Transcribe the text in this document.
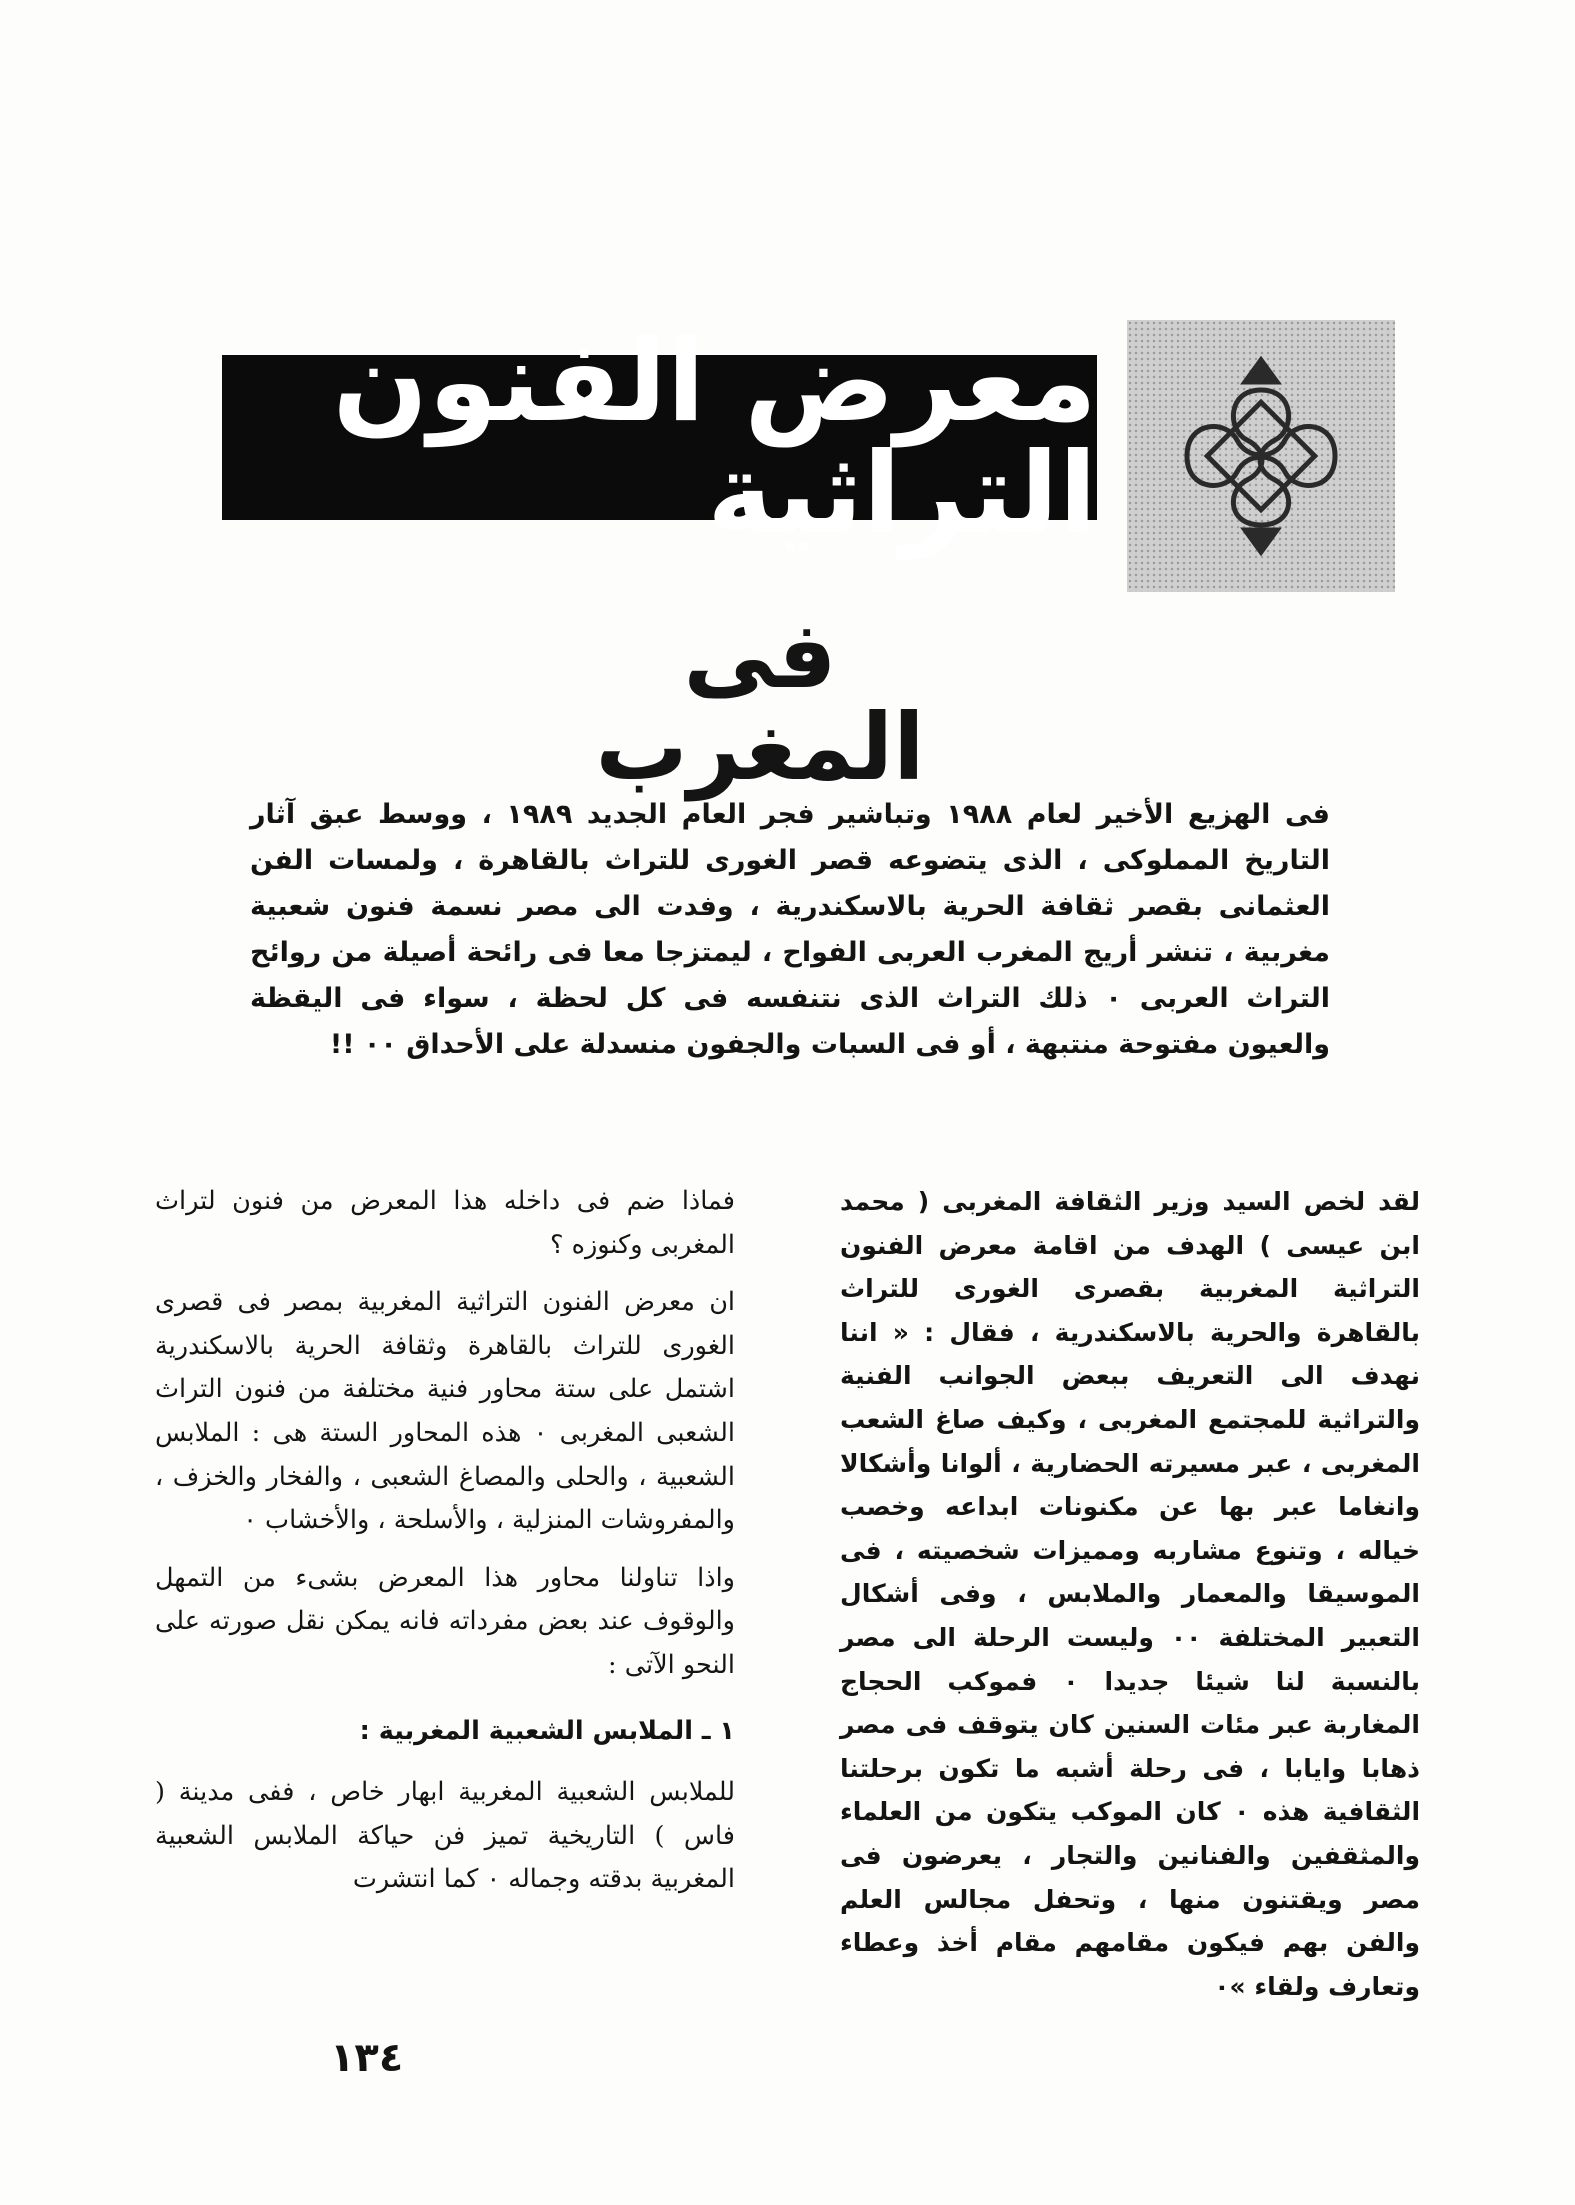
معرض الفنون التراثية
فى المغرب

فى الهزيع الأخير لعام ١٩٨٨ وتباشير فجر العام الجديد ١٩٨٩ ، ووسط عبق آثار التاريخ المملوكى ، الذى يتضوعه قصر الغورى للتراث بالقاهرة ، ولمسات الفن العثمانى بقصر ثقافة الحرية بالاسكندرية ، وفدت الى مصر نسمة فنون شعبية مغربية ، تنشر أريج المغرب العربى الفواح ، ليمتزجا معا فى رائحة أصيلة من روائح التراث العربى ٠ ذلك التراث الذى نتنفسه فى كل لحظة ، سواء فى اليقظة والعيون مفتوحة منتبهة ، أو فى السبات والجفون منسدلة على الأحداق ٠٠ !!

لقد لخص السيد وزير الثقافة المغربى ( محمد ابن عيسى ) الهدف من اقامة معرض الفنون التراثية المغربية بقصرى الغورى للتراث بالقاهرة والحرية بالاسكندرية ، فقال : « اننا نهدف الى التعريف ببعض الجوانب الفنية والتراثية للمجتمع المغربى ، وكيف صاغ الشعب المغربى ، عبر مسيرته الحضارية ، ألوانا وأشكالا وانغاما عبر بها عن مكنونات ابداعه وخصب خياله ، وتنوع مشاربه ومميزات شخصيته ، فى الموسيقا والمعمار والملابس ، وفى أشكال التعبير المختلفة ٠٠ وليست الرحلة الى مصر بالنسبة لنا شيئا جديدا ٠ فموكب الحجاج المغاربة عبر مئات السنين كان يتوقف فى مصر ذهابا وايابا ، فى رحلة أشبه ما تكون برحلتنا الثقافية هذه ٠ كان الموكب يتكون من العلماء والمثقفين والفنانين والتجار ، يعرضون فى مصر ويقتنون منها ، وتحفل مجالس العلم والفن بهم فيكون مقامهم مقام أخذ وعطاء وتعارف ولقاء »٠

فماذا ضم فى داخله هذا المعرض من فنون لتراث المغربى وكنوزه ؟

ان معرض الفنون التراثية المغربية بمصر فى قصرى الغورى للتراث بالقاهرة وثقافة الحرية بالاسكندرية اشتمل على ستة محاور فنية مختلفة من فنون التراث الشعبى المغربى ٠ هذه المحاور الستة هى : الملابس الشعبية ، والحلى والمصاغ الشعبى ، والفخار والخزف ، والمفروشات المنزلية ، والأسلحة ، والأخشاب ٠

واذا تناولنا محاور هذا المعرض بشىء من التمهل والوقوف عند بعض مفرداته فانه يمكن نقل صورته على النحو الآتى :

١ ـ الملابس الشعبية المغربية :

للملابس الشعبية المغربية ابهار خاص ، ففى مدينة ( فاس ) التاريخية تميز فن حياكة الملابس الشعبية المغربية بدقته وجماله ٠ كما انتشرت

١٣٤
